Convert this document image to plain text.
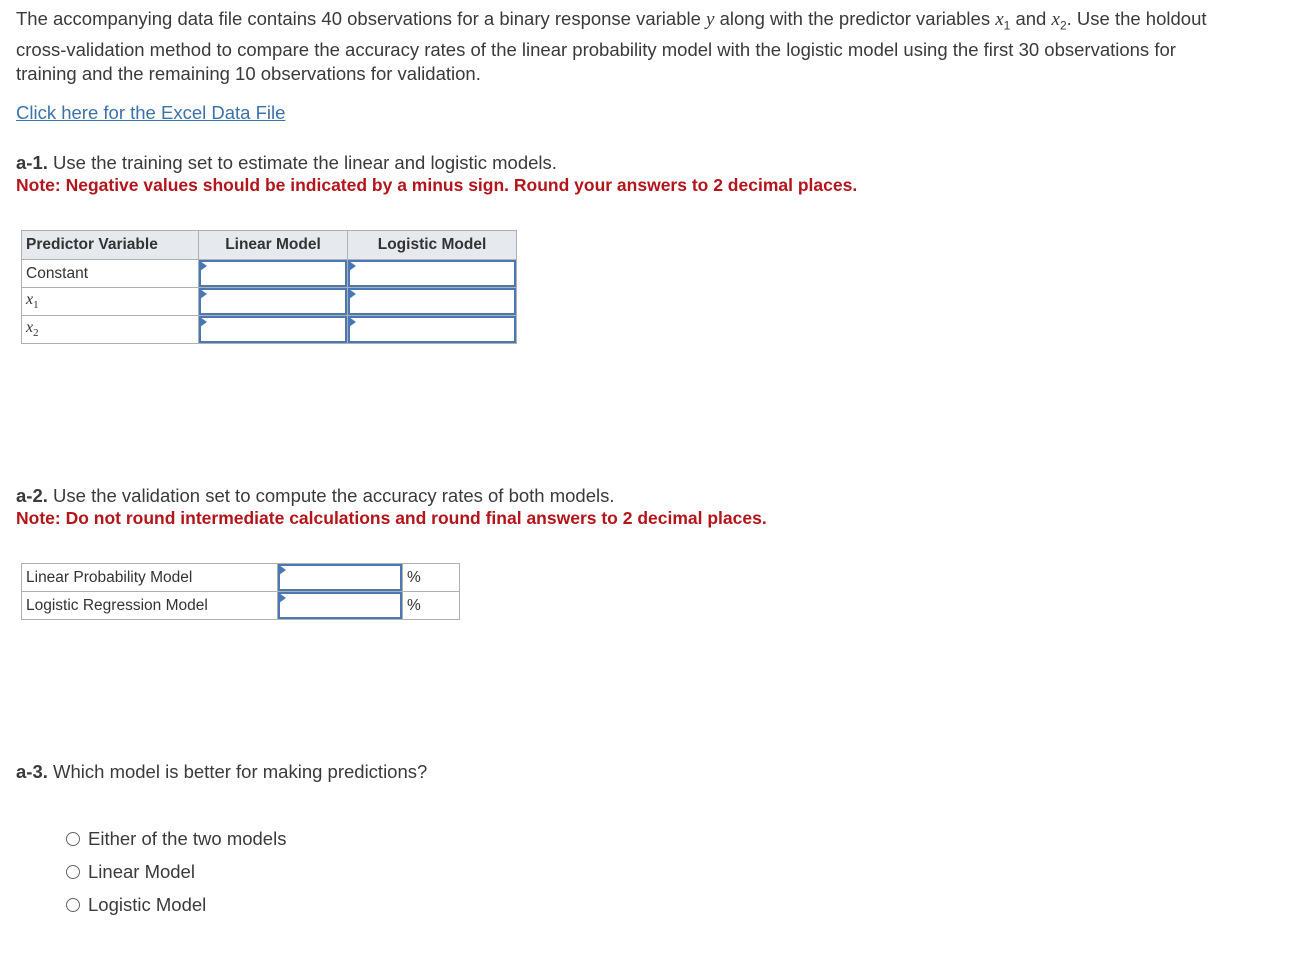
The accompanying data file contains 40 observations for a binary response variable y along with the predictor variables $x_1$ and $x_2$. Use the holdout cross-validation method to compare the accuracy rates of the linear probability model with the logistic model using the first 30 observations for training and the remaining 10 observations for validation.
Click here for the Excel Data File
a-1. Use the training set to estimate the linear and logistic models.
Note: Negative values should be indicated by a minus sign. Round your answers to 2 decimal places.
Predictor Variable	Linear Model	Logistic Model
Constant	

$x_1$	

$x_2$	

a-2. Use the validation set to compute the accuracy rates of both models.
Note: Do not round intermediate calculations and round final answers to 2 decimal places.
Linear Probability Model		%
Logistic Regression Model		%
a-3. Which model is better for making predictions?
Either of the two models
Linear Model
Logistic Model
